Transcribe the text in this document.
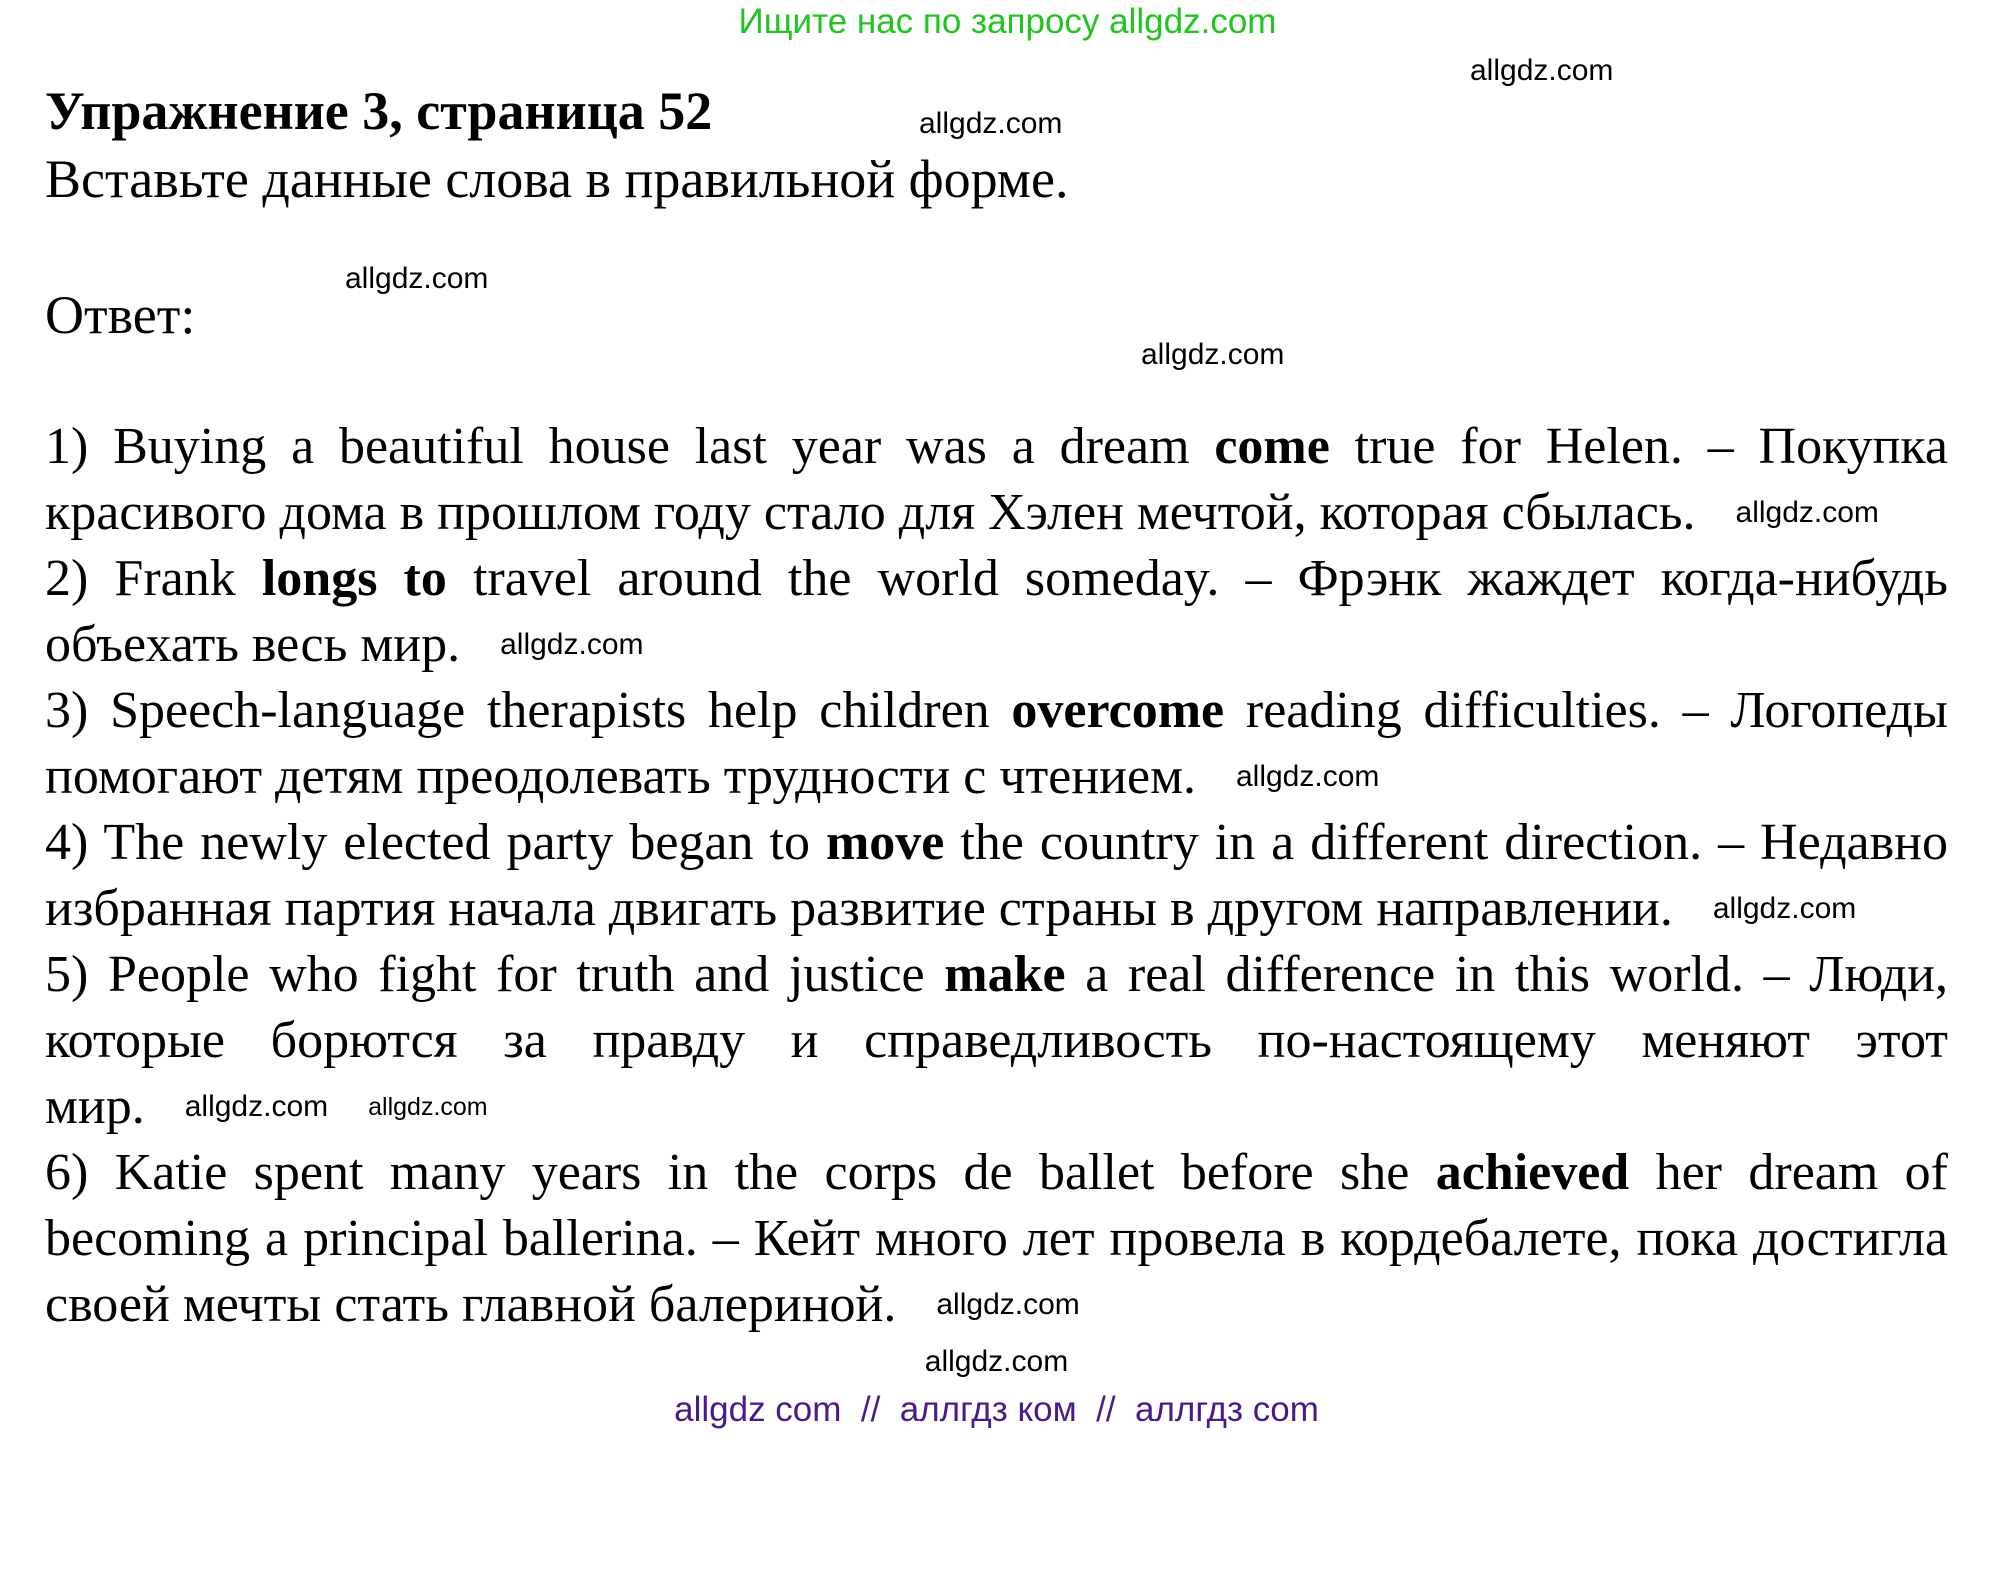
Ищите нас по запросу allgdz.com
Упражнение 3, страница 52
Вставьте данные слова в правильной форме.
Ответ:
allgdz.com
allgdz.com
allgdz.com
allgdz.com

1) Buying a beautiful house last year was a dream come true for Helen. – Покупка красивого дома в прошлом году стало для Хэлен мечтой, которая сбылась. $^{allgdz.com}$

2) Frank longs to travel around the world someday. – Фрэнк жаждет когда-нибудь объехать весь мир. $^{allgdz.com}$

3) Speech-language therapists help children overcome reading difficulties. – Логопеды помогают детям преодолевать трудности с чтением. $^{allgdz.com}$

4) The newly elected party began to move the country in a different direction. – Недавно избранная партия начала двигать развитие страны в другом направлении. $^{allgdz.com}$

5) People who fight for truth and justice make a real difference in this world. – Люди, которые борются за правду и справедливость по-настоящему меняют этот мир. $^{allgdz.com}$ $^{allgdz.com}$

6) Katie spent many years in the corps de ballet before she achieved her dream of becoming a principal ballerina. – Кейт много лет провела в кордебалете, пока достигла своей мечты стать главной балериной. $^{allgdz.com}$

allgdz.com
allgdz com  //  аллгдз ком  //  аллгдз com
